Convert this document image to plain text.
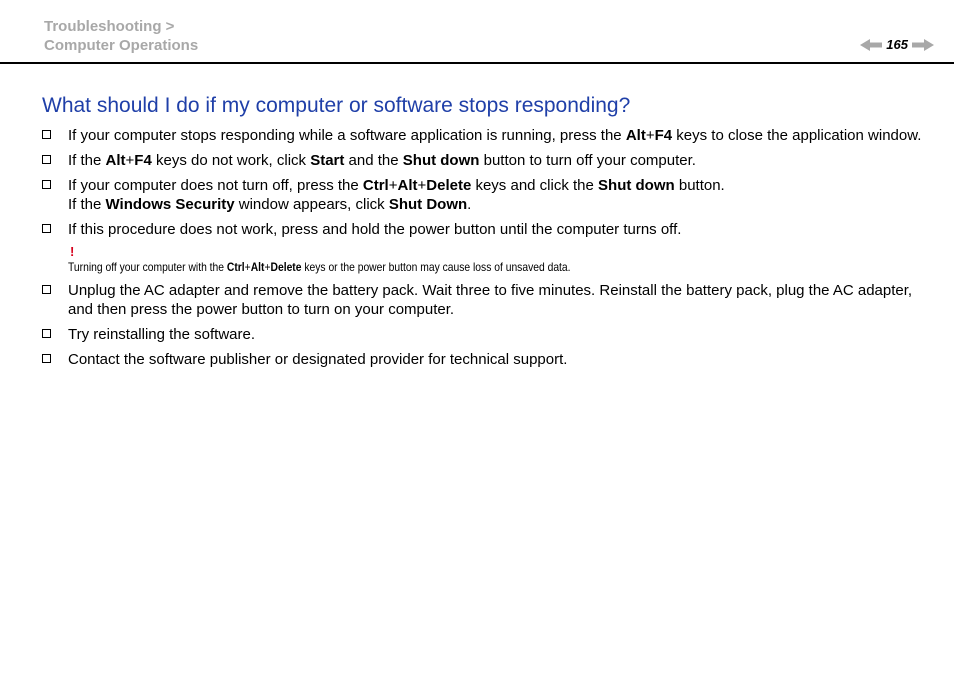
Troubleshooting >
Computer Operations	165
What should I do if my computer or software stops responding?

If your computer stops responding while a software application is running, press the Alt+F4 keys to close the application window.

If the Alt+F4 keys do not work, click Start and the Shut down button to turn off your computer.

If your computer does not turn off, press the Ctrl+Alt+Delete keys and click the Shut down button.

If the Windows Security window appears, click Shut Down.

If this procedure does not work, press and hold the power button until the computer turns off.

!
Turning off your computer with the Ctrl+Alt+Delete keys or the power button may cause loss of unsaved data.

Unplug the AC adapter and remove the battery pack. Wait three to five minutes. Reinstall the battery pack, plug the AC adapter, and then press the power button to turn on your computer.

Try reinstalling the software.

Contact the software publisher or designated provider for technical support.
